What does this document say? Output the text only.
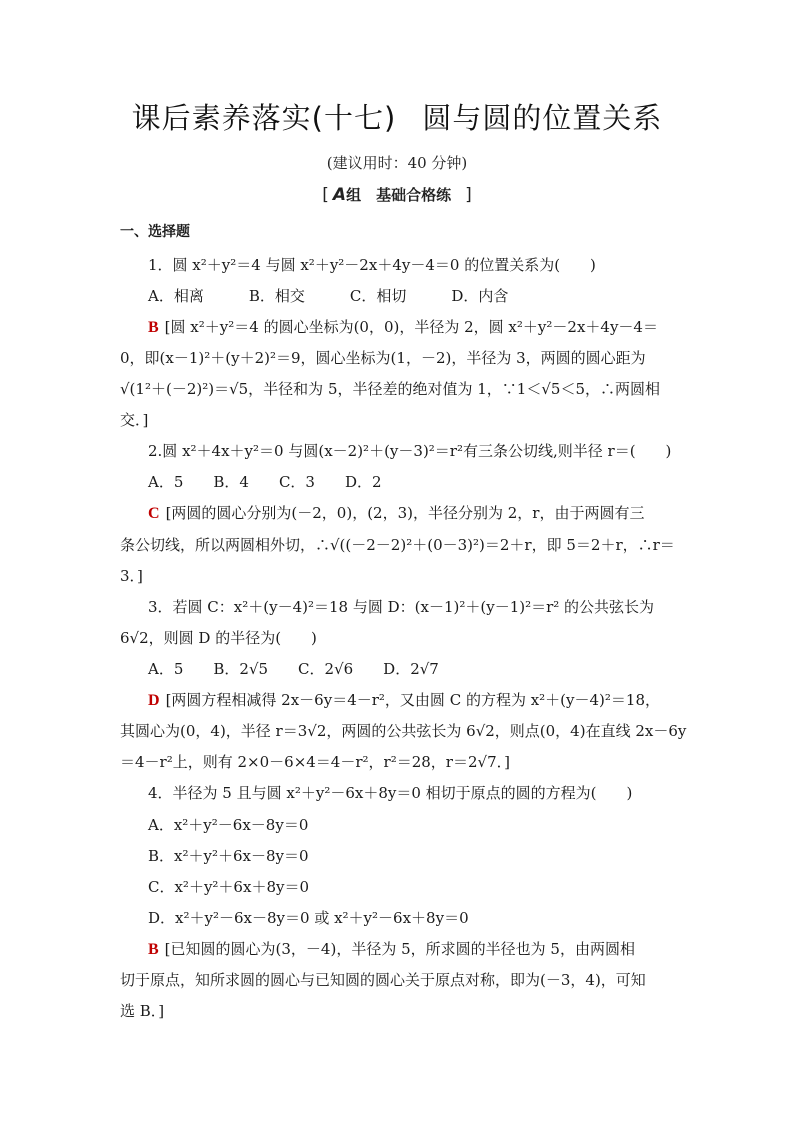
课后素养落实(十七) 圆与圆的位置关系
(建议用时：40 分钟)
[ A组　基础合格练 ]
一、选择题
1．圆 x²＋y²＝4 与圆 x²＋y²－2x＋4y－4＝0 的位置关系为(　　)
A．相离　　　B．相交　　　C．相切　　　D．内含
B [圆 x²＋y²＝4 的圆心坐标为(0，0)，半径为 2，圆 x²＋y²－2x＋4y－4＝
0，即(x－1)²＋(y＋2)²＝9，圆心坐标为(1，－2)，半径为 3，两圆的圆心距为
√(1²＋(－2)²)＝√5，半径和为 5，半径差的绝对值为 1，∵1＜√5＜5，∴两圆相
交．]
2.圆 x²＋4x＋y²＝0 与圆(x－2)²＋(y－3)²＝r²有三条公切线,则半径 r＝(　　)
A．5　　B．4　　C．3　　D．2
C [两圆的圆心分别为(－2，0)，(2，3)，半径分别为 2，r，由于两圆有三
条公切线，所以两圆相外切，∴√((－2－2)²＋(0－3)²)＝2＋r，即 5＝2＋r，∴r＝
3．]
3．若圆 C：x²＋(y－4)²＝18 与圆 D：(x－1)²＋(y－1)²＝r² 的公共弦长为
6√2，则圆 D 的半径为(　　)
A．5　　B．2√5　　C．2√6　　D．2√7
D [两圆方程相减得 2x－6y＝4－r²，又由圆 C 的方程为 x²＋(y－4)²＝18，
其圆心为(0，4)，半径 r＝3√2，两圆的公共弦长为 6√2，则点(0，4)在直线 2x－6y
＝4－r²上，则有 2×0－6×4＝4－r²，r²＝28，r＝2√7．]
4．半径为 5 且与圆 x²＋y²－6x＋8y＝0 相切于原点的圆的方程为(　　)
A．x²＋y²－6x－8y＝0
B．x²＋y²＋6x－8y＝0
C．x²＋y²＋6x＋8y＝0
D．x²＋y²－6x－8y＝0 或 x²＋y²－6x＋8y＝0
B [已知圆的圆心为(3，－4)，半径为 5，所求圆的半径也为 5，由两圆相
切于原点，知所求圆的圆心与已知圆的圆心关于原点对称，即为(－3，4)，可知
选 B．]
